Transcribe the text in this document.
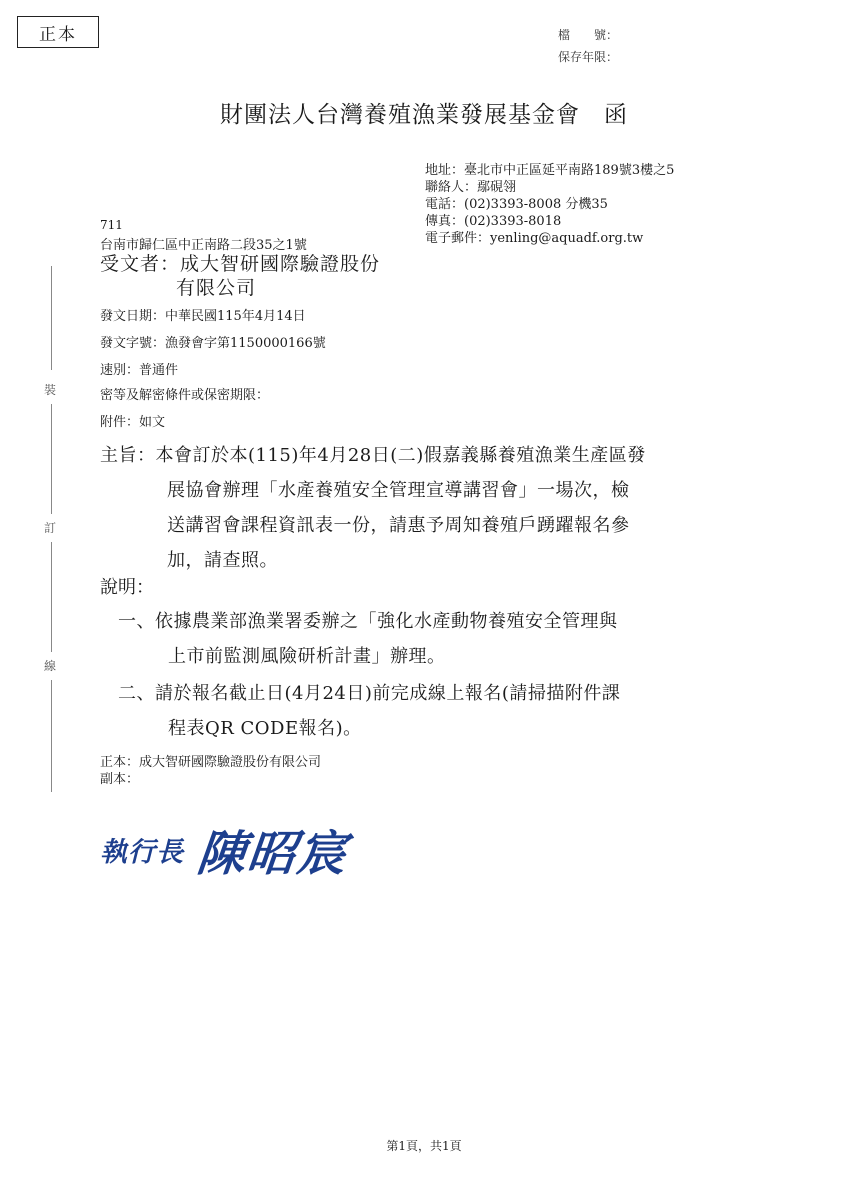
正本	檔　　號：
保存年限：
財團法人台灣養殖漁業發展基金會　函
地址：臺北市中正區延平南路189號3樓之5
聯絡人：鄢硯翎
電話：(02)3393-8008 分機35
傳真：(02)3393-8018
電子郵件：yenling@aquadf.org.tw
711
台南市歸仁區中正南路二段35之1號
受文者：成大智研國際驗證股份
有限公司
發文日期：中華民國115年4月14日
發文字號：漁發會字第1150000166號
速別：普通件
密等及解密條件或保密期限：
附件：如文
裝
訂
線
主旨：本會訂於本(115)年4月28日(二)假嘉義縣養殖漁業生產區發
展協會辦理「水產養殖安全管理宣導講習會」一場次，檢
送講習會課程資訊表一份，請惠予周知養殖戶踴躍報名參
加，請查照。
說明：
一、依據農業部漁業署委辦之「強化水產動物養殖安全管理與
上市前監測風險研析計畫」辦理。
二、請於報名截止日(4月24日)前完成線上報名(請掃描附件課
程表QR CODE報名)。
正本：成大智研國際驗證股份有限公司
副本：
執行長 陳昭宸
第1頁，共1頁
